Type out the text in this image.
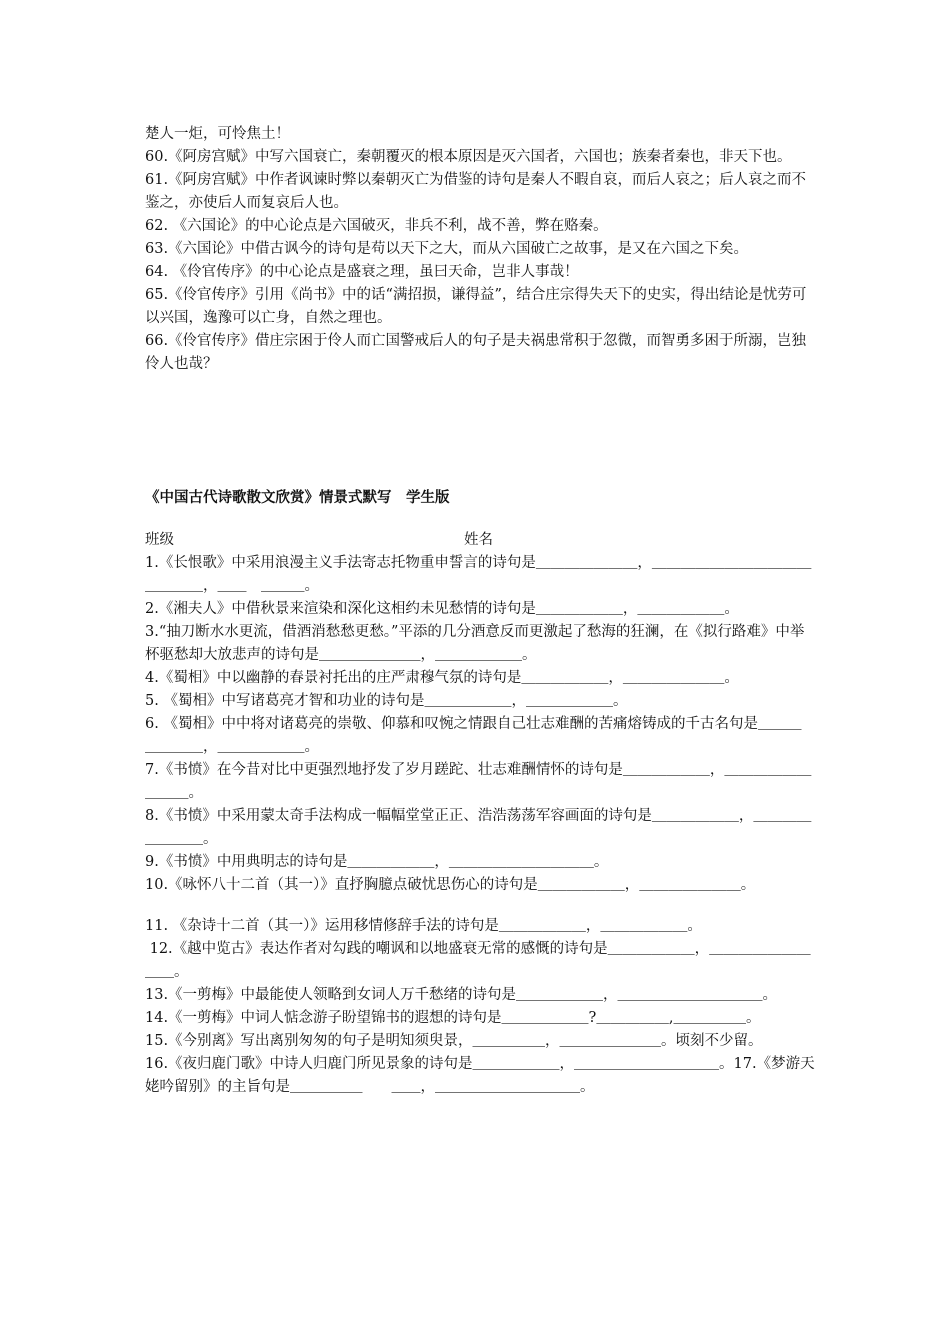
楚人一炬，可怜焦土！

60.《阿房宫赋》中写六国衰亡，秦朝覆灭的根本原因是灭六国者，六国也；族秦者秦也，非天下也。

61.《阿房宫赋》中作者讽谏时弊以秦朝灭亡为借鉴的诗句是秦人不暇自哀，而后人哀之；后人哀之而不鉴之，亦使后人而复哀后人也。

62. 《六国论》的中心论点是六国破灭，非兵不利，战不善，弊在赂秦。

63.《六国论》中借古讽今的诗句是苟以天下之大，而从六国破亡之故事，是又在六国之下矣。

64. 《伶官传序》的中心论点是盛衰之理，虽曰天命，岂非人事哉！

65.《伶官传序》引用《尚书》中的话“满招损，谦得益”，结合庄宗得失天下的史实，得出结论是忧劳可以兴国，逸豫可以亡身，自然之理也。

66.《伶官传序》借庄宗困于伶人而亡国警戒后人的句子是夫祸患常积于忽微，而智勇多困于所溺，岂独伶人也哉？

《中国古代诗歌散文欣赏》情景式默写　学生版

班级　　　　　　　　　　　　　　　　　　　　姓名

1.《长恨歌》中采用浪漫主义手法寄志托物重申誓言的诗句是＿＿＿＿＿＿＿，＿＿＿＿＿＿＿＿＿＿＿＿＿＿＿，＿＿　＿＿＿。

2.《湘夫人》中借秋景来渲染和深化这相约未见愁情的诗句是＿＿＿＿＿＿，＿＿＿＿＿＿。

3.“抽刀断水水更流，借酒消愁愁更愁。”平添的几分酒意反而更激起了愁海的狂澜，在《拟行路难》中举杯驱愁却大放悲声的诗句是＿＿＿＿＿＿＿，＿＿＿＿＿＿。

4.《蜀相》中以幽静的春景衬托出的庄严肃穆气氛的诗句是＿＿＿＿＿＿，＿＿＿＿＿＿＿。

5. 《蜀相》中写诸葛亮才智和功业的诗句是＿＿＿＿＿＿，＿＿＿＿＿＿。

6. 《蜀相》中中将对诸葛亮的崇敬、仰慕和叹惋之情跟自己壮志难酬的苦痛熔铸成的千古名句是＿＿＿＿＿＿＿，＿＿＿＿＿＿。

7.《书愤》在今昔对比中更强烈地抒发了岁月蹉跎、壮志难酬情怀的诗句是＿＿＿＿＿＿，＿＿＿＿＿＿＿＿＿。

8.《书愤》中采用蒙太奇手法构成一幅幅堂堂正正、浩浩荡荡军容画面的诗句是＿＿＿＿＿＿，＿＿＿＿＿＿＿＿。

9.《书愤》中用典明志的诗句是＿＿＿＿＿＿，＿＿＿＿＿＿＿＿＿＿。

10.《咏怀八十二首（其一）》直抒胸臆点破忧思伤心的诗句是＿＿＿＿＿＿，＿＿＿＿＿＿＿。

11. 《杂诗十二首（其一）》运用移情修辞手法的诗句是＿＿＿＿＿＿，＿＿＿＿＿＿。

12.《越中览古》表达作者对勾践的嘲讽和以地盛衰无常的感慨的诗句是＿＿＿＿＿＿，＿＿＿＿＿＿＿＿＿。

13.《一剪梅》中最能使人领略到女词人万千愁绪的诗句是＿＿＿＿＿＿，＿＿＿＿＿＿＿＿＿＿。

14.《一剪梅》中词人惦念游子盼望锦书的遐想的诗句是＿＿＿＿＿＿?＿＿＿＿＿,＿＿＿＿＿。

15.《今别离》写出离别匆匆的句子是明知须臾景，＿＿＿＿＿，＿＿＿＿＿＿＿。顷刻不少留。

16.《夜归鹿门歌》中诗人归鹿门所见景象的诗句是＿＿＿＿＿＿，＿＿＿＿＿＿＿＿＿＿。17.《梦游天姥吟留别》的主旨句是＿＿＿＿＿　　＿＿，＿＿＿＿＿＿＿＿＿＿。
